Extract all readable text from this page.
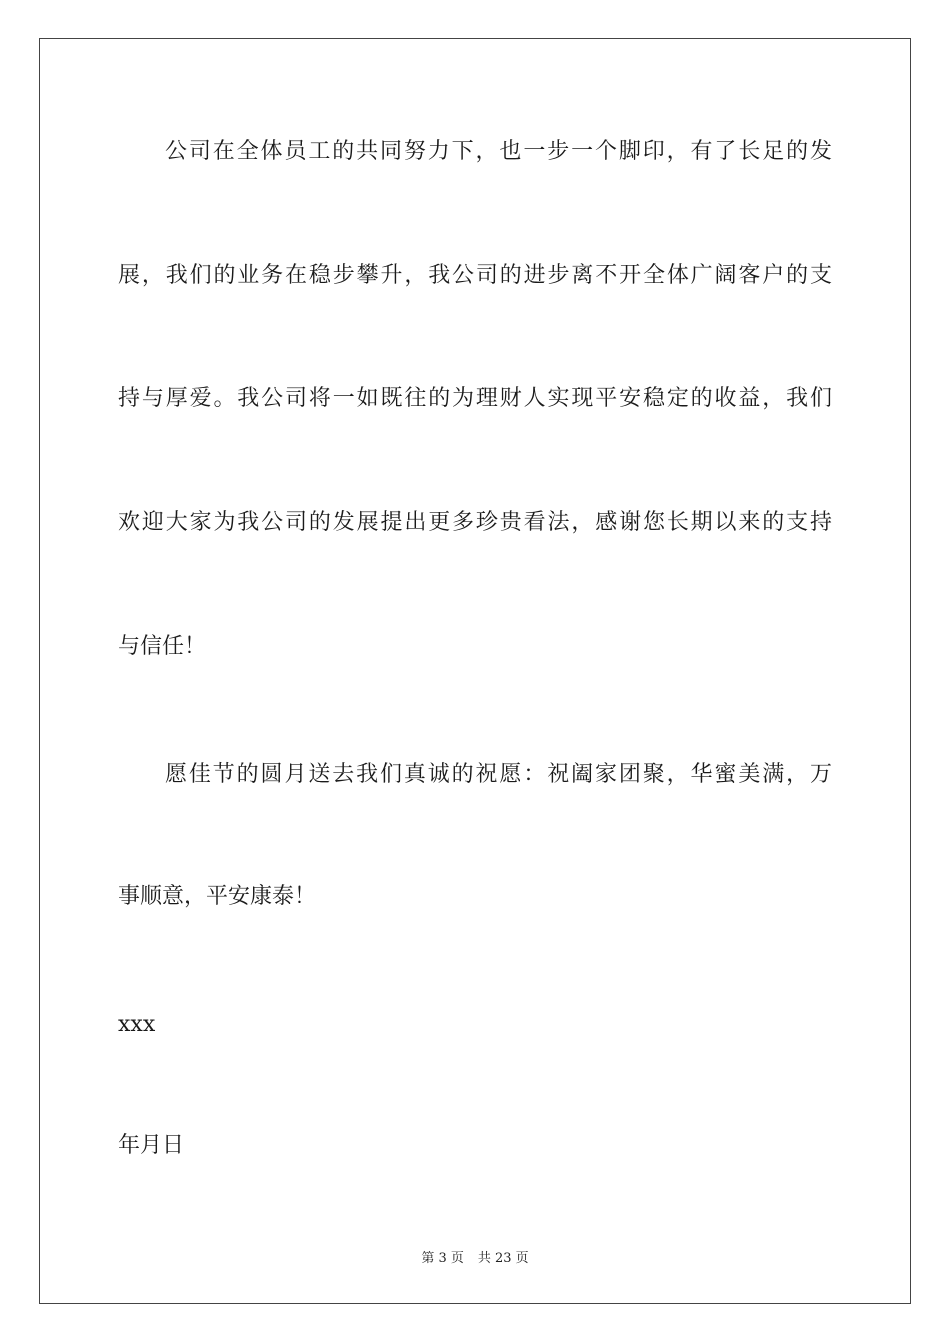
公司在全体员工的共同努力下，也一步一个脚印，有了长足的发
展，我们的业务在稳步攀升，我公司的进步离不开全体广阔客户的支
持与厚爱。我公司将一如既往的为理财人实现平安稳定的收益，我们
欢迎大家为我公司的发展提出更多珍贵看法，感谢您长期以来的支持
与信任！
愿佳节的圆月送去我们真诚的祝愿：祝阖家团聚，华蜜美满，万
事顺意，平安康泰！
xxx
年月日
第 3 页 共 23 页
